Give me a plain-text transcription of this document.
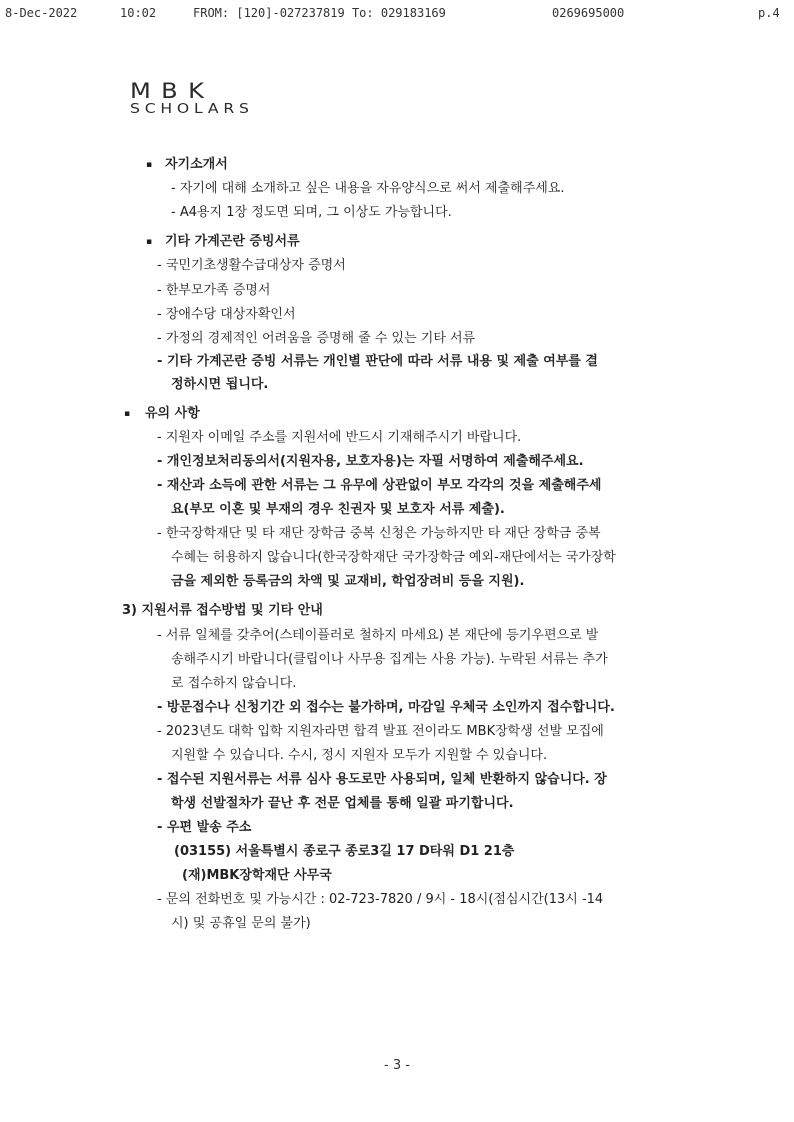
8-Dec-2022

	10:02

	FROM: [120]-027237819 To: 029183169

	0269695000

	p.4

MBK
SCHOLARS
▪ 자기소개서
- 자기에 대해 소개하고 싶은 내용을 자유양식으로 써서 제출해주세요.
- A4용지 1장 정도면 되며, 그 이상도 가능합니다.
▪ 기타 가계곤란 증빙서류
- 국민기초생활수급대상자 증명서
- 한부모가족 증명서
- 장애수당 대상자확인서
- 가정의 경제적인 어려움을 증명해 줄 수 있는 기타 서류
- 기타 가계곤란 증빙 서류는 개인별 판단에 따라 서류 내용 및 제출 여부를 결
정하시면 됩니다.
▪ 유의 사항
- 지원자 이메일 주소를 지원서에 반드시 기재해주시기 바랍니다.
- 개인정보처리동의서(지원자용, 보호자용)는 자필 서명하여 제출해주세요.
- 재산과 소득에 관한 서류는 그 유무에 상관없이 부모 각각의 것을 제출해주세
요(부모 이혼 및 부재의 경우 친권자 및 보호자 서류 제출).
- 한국장학재단 및 타 재단 장학금 중복 신청은 가능하지만 타 재단 장학금 중복
수혜는 허용하지 않습니다(한국장학재단 국가장학금 예외-재단에서는 국가장학
금을 제외한 등록금의 차액 및 교재비, 학업장려비 등을 지원).
3) 지원서류 접수방법 및 기타 안내
- 서류 일체를 갖추어(스테이플러로 철하지 마세요) 본 재단에 등기우편으로 발
송해주시기 바랍니다(클립이나 사무용 집게는 사용 가능). 누락된 서류는 추가
로 접수하지 않습니다.
- 방문접수나 신청기간 외 접수는 불가하며, 마감일 우체국 소인까지 접수합니다.
- 2023년도 대학 입학 지원자라면 합격 발표 전이라도 MBK장학생 선발 모집에
지원할 수 있습니다. 수시, 정시 지원자 모두가 지원할 수 있습니다.
- 접수된 지원서류는 서류 심사 용도로만 사용되며, 일체 반환하지 않습니다. 장
학생 선발절차가 끝난 후 전문 업체를 통해 일괄 파기합니다.
- 우편 발송 주소
(03155) 서울특별시 종로구 종로3길 17 D타워 D1 21층
(재)MBK장학재단 사무국
- 문의 전화번호 및 가능시간 : 02-723-7820 / 9시 - 18시(점심시간(13시 -14
시) 및 공휴일 문의 불가)
- 3 -
